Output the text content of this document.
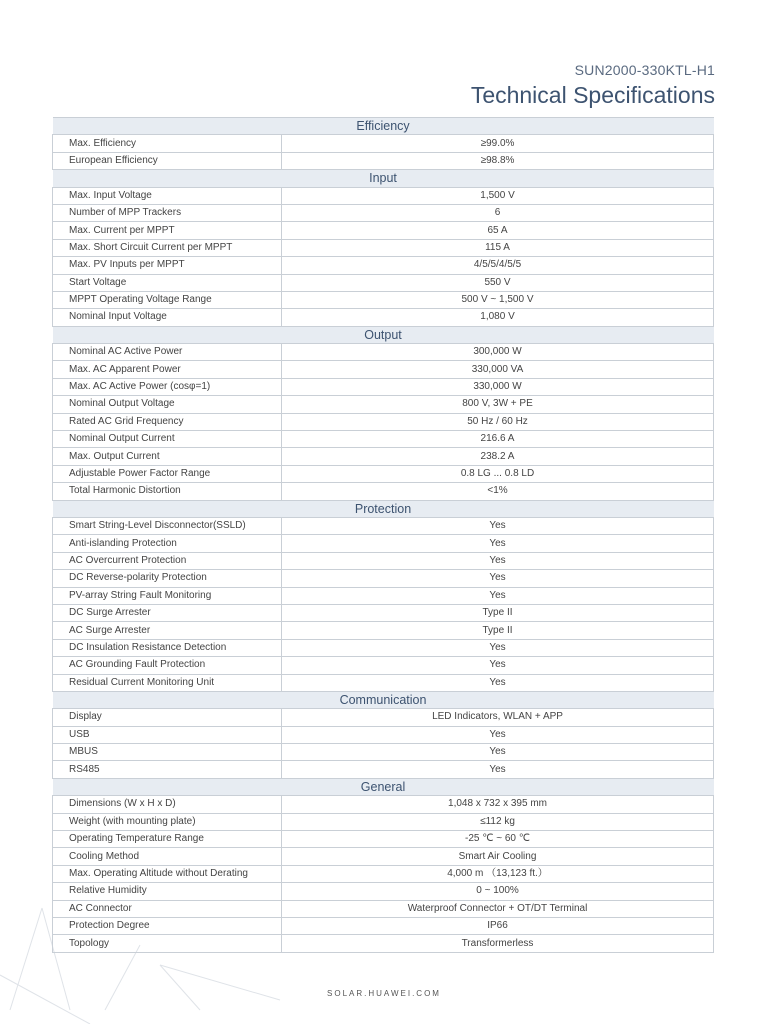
SUN2000-330KTL-H1
Technical Specifications
Efficiency	
Max. Efficiency	≥99.0%
European Efficiency	≥98.8%
Input	
Max. Input Voltage	1,500 V
Number of MPP Trackers	6
Max. Current per MPPT	65 A
Max. Short Circuit Current per MPPT	115 A
Max. PV Inputs per MPPT	4/5/5/4/5/5
Start Voltage	550 V
MPPT Operating Voltage Range	500 V ~ 1,500 V
Nominal Input Voltage	1,080 V
Output	
Nominal AC Active Power	300,000 W
Max. AC Apparent Power	330,000 VA
Max. AC Active Power (cosφ=1)	330,000 W
Nominal Output Voltage	800 V, 3W + PE
Rated AC Grid Frequency	50 Hz / 60 Hz
Nominal Output Current	216.6 A
Max. Output Current	238.2 A
Adjustable Power Factor Range	0.8 LG ... 0.8 LD
Total Harmonic Distortion	<1%
Protection	
Smart String-Level Disconnector(SSLD)	Yes
Anti-islanding Protection	Yes
AC Overcurrent Protection	Yes
DC Reverse-polarity Protection	Yes
PV-array String Fault Monitoring	Yes
DC Surge Arrester	Type II
AC Surge Arrester	Type II
DC Insulation Resistance Detection	Yes
AC Grounding Fault Protection	Yes
Residual Current Monitoring Unit	Yes
Communication	
Display	LED Indicators, WLAN + APP
USB	Yes
MBUS	Yes
RS485	Yes
General	
Dimensions (W x H x D)	1,048 x 732 x 395 mm
Weight (with mounting plate)	≤112 kg
Operating Temperature Range	-25 ℃ ~ 60 ℃
Cooling Method	Smart Air Cooling
Max. Operating Altitude without Derating	4,000 m （13,123 ft.）
Relative Humidity	0 ~ 100%
AC Connector	Waterproof Connector + OT/DT Terminal
Protection Degree	IP66
Topology	Transformerless
SOLAR.HUAWEI.COM
